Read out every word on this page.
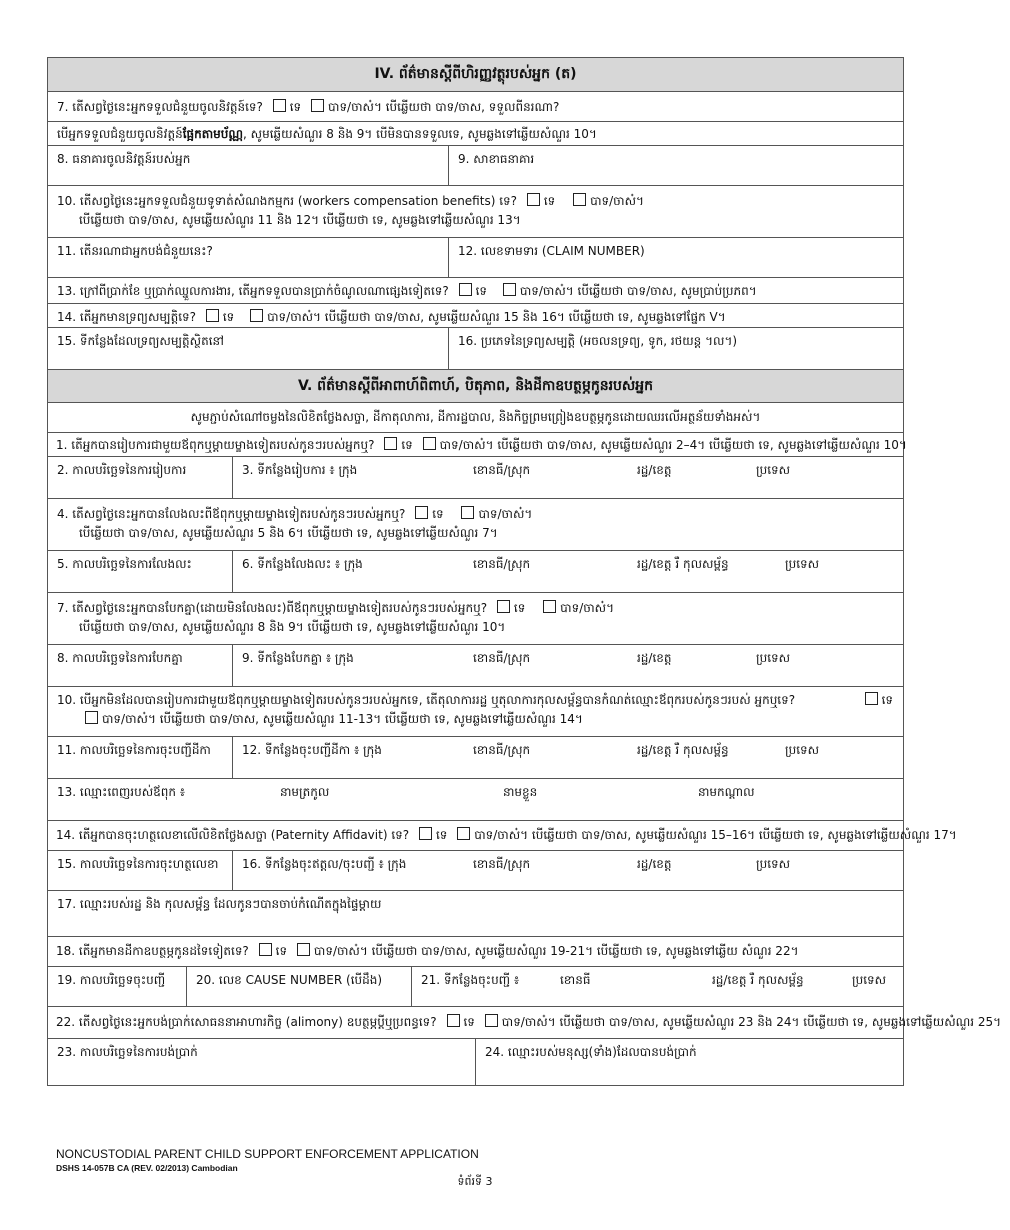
IV. ព័ត៌មានស្ដីពីហិរញ្ញវត្ថុរបស់អ្នក (ត)
7. តើសព្វថ្ងៃនេះអ្នកទទួលជំនួយចូលនិវត្តន៍ទេ? ទេ បាទ/ចាស៎។ បើឆ្លើយថា បាទ/ចាស, ទទួលពីនរណា?
បើអ្នកទទួលជំនួយចូលនិវត្តន៍ផ្អែកតាមប័ណ្ណ, សូមឆ្លើយសំណួរ 8 និង 9។ បើមិនបានទទួលទេ, សូមឆ្លងទៅឆ្លើយសំណួរ 10។
8. ធនាគារចូលនិវត្តន៍របស់អ្នក	9. សាខាធនាគារ
10. តើសព្វថ្ងៃនេះអ្នកទទួលជំនួយទូទាត់សំណងកម្មករ (workers compensation benefits) ទេ? ទេ	បាទ/ចាស៎។
បើឆ្លើយថា បាទ/ចាស, សូមឆ្លើយសំណួរ 11 និង 12។ បើឆ្លើយថា ទេ, សូមឆ្លងទៅឆ្លើយសំណួរ 13។
11. តើនរណាជាអ្នកបង់ជំនួយនេះ?	12. លេខទាមទារ (CLAIM NUMBER)
13. ក្រៅពីប្រាក់ខែ ឬប្រាក់ឈ្នួលការងារ, តើអ្នកទទួលបានប្រាក់ចំណូលណាផ្សេងទៀតទេ? ទេ	បាទ/ចាស៎។ បើឆ្លើយថា បាទ/ចាស, សូមប្រាប់ប្រភព។
14. តើអ្នកមានទ្រព្យសម្បត្តិទេ? ទេ	បាទ/ចាស៎។ បើឆ្លើយថា បាទ/ចាស, សូមឆ្លើយសំណួរ 15 និង 16។ បើឆ្លើយថា ទេ, សូមឆ្លងទៅផ្នែក V។
15. ទីកន្លែងដែលទ្រព្យសម្បត្តិស្ថិតនៅ	16. ប្រភេទនៃទ្រព្យសម្បត្តិ (អចលនទ្រព្យ, ទូក, រថយន្ត ។ល។)
V. ព័ត៌មានស្ដីពីអាពាហ៍ពិពាហ៍, បិតុភាព, និងដីកាឧបត្ថម្ភកូនរបស់អ្នក
សូមភ្ជាប់សំណៅចម្លងនៃលិខិតថ្លែងសច្ចា, ដីកាតុលាការ, ដីការដ្ឋបាល, និងកិច្ចព្រមព្រៀងឧបត្ថម្ភកូនដោយឈរលើអត្ថន័យទាំងអស់។
1. តើអ្នកបានរៀបការជាមួយឪពុកឬម្ដាយម្ខាងទៀតរបស់កូនៗរបស់អ្នកឬ? ទេ បាទ/ចាស៎។ បើឆ្លើយថា បាទ/ចាស, សូមឆ្លើយសំណួរ 2–4។ បើឆ្លើយថា ទេ, សូមឆ្លងទៅឆ្លើយសំណួរ 10។
2. កាលបរិច្ឆេទនៃការរៀបការ	3. ទីកន្លែងរៀបការ ៖ ក្រុង	ខោនធី/ស្រុក	រដ្ឋ/ខេត្ត	ប្រទេស
4. តើសព្វថ្ងៃនេះអ្នកបានលែងលះពីឪពុកឬម្ដាយម្ខាងទៀតរបស់កូនៗរបស់អ្នកឬ? ទេ	បាទ/ចាស៎។
បើឆ្លើយថា បាទ/ចាស, សូមឆ្លើយសំណួរ 5 និង 6។ បើឆ្លើយថា ទេ, សូមឆ្លងទៅឆ្លើយសំណួរ 7។
5. កាលបរិច្ឆេទនៃការលែងលះ	6. ទីកន្លែងលែងលះ ៖ ក្រុង	ខោនធី/ស្រុក	រដ្ឋ/ខេត្ត រឺ កុលសម្ព័ន្ធ	ប្រទេស
7. តើសព្វថ្ងៃនេះអ្នកបានបែកគ្នា(ដោយមិនលែងលះ)ពីឪពុកឬម្ដាយម្ខាងទៀតរបស់កូនៗរបស់អ្នកឬ? ទេ	បាទ/ចាស៎។
បើឆ្លើយថា បាទ/ចាស, សូមឆ្លើយសំណួរ 8 និង 9។ បើឆ្លើយថា ទេ, សូមឆ្លងទៅឆ្លើយសំណួរ 10។
8. កាលបរិច្ឆេទនៃការបែកគ្នា	9. ទីកន្លែងបែកគ្នា ៖ ក្រុង	ខោនធី/ស្រុក	រដ្ឋ/ខេត្ត	ប្រទេស
10. បើអ្នកមិនដែលបានរៀបការជាមួយឪពុកឬម្ដាយម្ខាងទៀតរបស់កូនៗរបស់អ្នកទេ, តើតុលាការរដ្ឋ ឬតុលាការកុលសម្ព័ន្ធបានកំណត់ឈ្មោះឪពុករបស់កូនៗរបស់ អ្នកឬទេ?	ទេ
បាទ/ចាស៎។ បើឆ្លើយថា បាទ/ចាស, សូមឆ្លើយសំណួរ 11-13។ បើឆ្លើយថា ទេ, សូមឆ្លងទៅឆ្លើយសំណួរ 14។
11. កាលបរិច្ឆេទនៃការចុះបញ្ជីដីកា	12. ទីកន្លែងចុះបញ្ជីដីកា ៖ ក្រុង	ខោនធី/ស្រុក	រដ្ឋ/ខេត្ត រឺ កុលសម្ព័ន្ធ	ប្រទេស
13. ឈ្មោះពេញរបស់ឪពុក ៖	នាមត្រកូល	នាមខ្លួន	នាមកណ្ដាល
14. តើអ្នកបានចុះហត្ថលេខាលើលិខិតថ្លែងសច្ចា (Paternity Affidavit) ទេ? ទេ បាទ/ចាស៎។ បើឆ្លើយថា បាទ/ចាស, សូមឆ្លើយសំណួរ 15–16។ បើឆ្លើយថា ទេ, សូមឆ្លងទៅឆ្លើយសំណួរ 17។
15. កាលបរិច្ឆេទនៃការចុះហត្ថលេខា	16. ទីកន្លែងចុះឥត្ដល/ចុះបញ្ជី ៖ ក្រុង	ខោនធី/ស្រុក	រដ្ឋ/ខេត្ត	ប្រទេស
17. ឈ្មោះរបស់រដ្ឋ និង កុលសម្ព័ន្ធ ដែលកូនៗបានចាប់កំណើតក្នុងផ្ទៃម្ដាយ
18. តើអ្នកមានដីកាឧបត្ថម្ភកូនដទៃទៀតទេ? ទេ បាទ/ចាស៎។ បើឆ្លើយថា បាទ/ចាស, សូមឆ្លើយសំណួរ 19-21។ បើឆ្លើយថា ទេ, សូមឆ្លងទៅឆ្លើយ សំណួរ 22។
19. កាលបរិច្ឆេទចុះបញ្ជី	20. លេខ CAUSE NUMBER (បើដឹង)	21. ទីកន្លែងចុះបញ្ជី ៖	ខោនធី	រដ្ឋ/ខេត្ត រឺ កុលសម្ព័ន្ធ	ប្រទេស
22. តើសព្វថ្ងៃនេះអ្នកបង់ប្រាក់សោធននាអាហារកិច្ច (alimony) ឧបត្ថម្ភប្ដីឬប្រពន្ធទេ? ទេ បាទ/ចាស៎។ បើឆ្លើយថា បាទ/ចាស, សូមឆ្លើយសំណួរ 23 និង 24។ បើឆ្លើយថា ទេ, សូមឆ្លងទៅឆ្លើយសំណួរ 25។
23. កាលបរិច្ឆេទនៃការបង់ប្រាក់	24. ឈ្មោះរបស់មនុស្ស(ទាំង)ដែលបានបង់ប្រាក់
NONCUSTODIAL PARENT CHILD SUPPORT ENFORCEMENT APPLICATION
DSHS 14-057B CA (REV. 02/2013) Cambodian
ទំព័រទី 3
